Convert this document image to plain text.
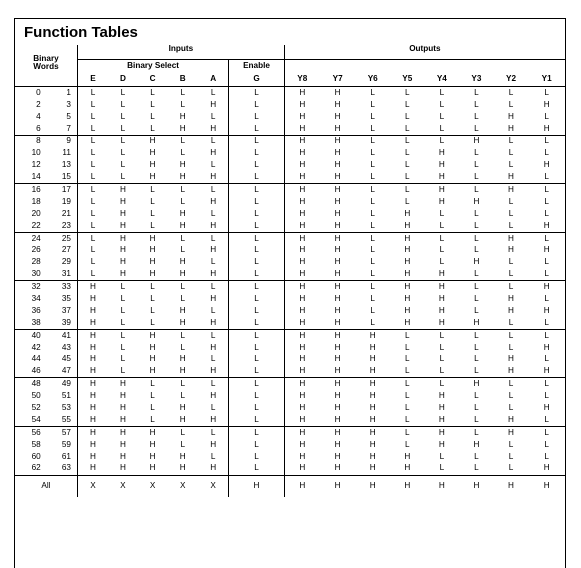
Function Tables
Binary
Words		Inputs						Outputs							
		Binary Select					Enable								
		E	D	C	B	A	G	Y8	Y7	Y6	Y5	Y4	Y3	Y2	Y1
0	1	L	L	L	L	L	L	H	H	L	L	L	L	L	L
2	3	L	L	L	L	H	L	H	H	L	L	L	L	L	H
4	5	L	L	L	H	L	L	H	H	L	L	L	L	H	L
6	7	L	L	L	H	H	L	H	H	L	L	L	L	H	H
8	9	L	L	H	L	L	L	H	H	L	L	L	H	L	L
10	11	L	L	H	L	H	L	H	H	L	L	H	L	L	L
12	13	L	L	H	H	L	L	H	H	L	L	H	L	L	H
14	15	L	L	H	H	H	L	H	H	L	L	H	L	H	L
16	17	L	H	L	L	L	L	H	H	L	L	H	L	H	L
18	19	L	H	L	L	H	L	H	H	L	L	H	H	L	L
20	21	L	H	L	H	L	L	H	H	L	H	L	L	L	L
22	23	L	H	L	H	H	L	H	H	L	H	L	L	L	H
24	25	L	H	H	L	L	L	H	H	L	H	L	L	H	L
26	27	L	H	H	L	H	L	H	H	L	H	L	L	H	H
28	29	L	H	H	H	L	L	H	H	L	H	L	H	L	L
30	31	L	H	H	H	H	L	H	H	L	H	H	L	L	L
32	33	H	L	L	L	L	L	H	H	L	H	H	L	L	H
34	35	H	L	L	L	H	L	H	H	L	H	H	L	H	L
36	37	H	L	L	H	L	L	H	H	L	H	H	L	H	H
38	39	H	L	L	H	H	L	H	H	L	H	H	H	L	L
40	41	H	L	H	L	L	L	H	H	H	L	L	L	L	L
42	43	H	L	H	L	H	L	H	H	H	L	L	L	L	H
44	45	H	L	H	H	L	L	H	H	H	L	L	L	H	L
46	47	H	L	H	H	H	L	H	H	H	L	L	L	H	H
48	49	H	H	L	L	L	L	H	H	H	L	L	H	L	L
50	51	H	H	L	L	H	L	H	H	H	L	H	L	L	L
52	53	H	H	L	H	L	L	H	H	H	L	H	L	L	H
54	55	H	H	L	H	H	L	H	H	H	L	H	L	H	L
56	57	H	H	H	L	L	L	H	H	H	L	H	L	H	L
58	59	H	H	H	L	H	L	H	H	H	L	H	H	L	L
60	61	H	H	H	H	L	L	H	H	H	H	L	L	L	L
62	63	H	H	H	H	H	L	H	H	H	H	L	L	L	H
All		X	X	X	X	X	H	H	H	H	H	H	H	H	H
